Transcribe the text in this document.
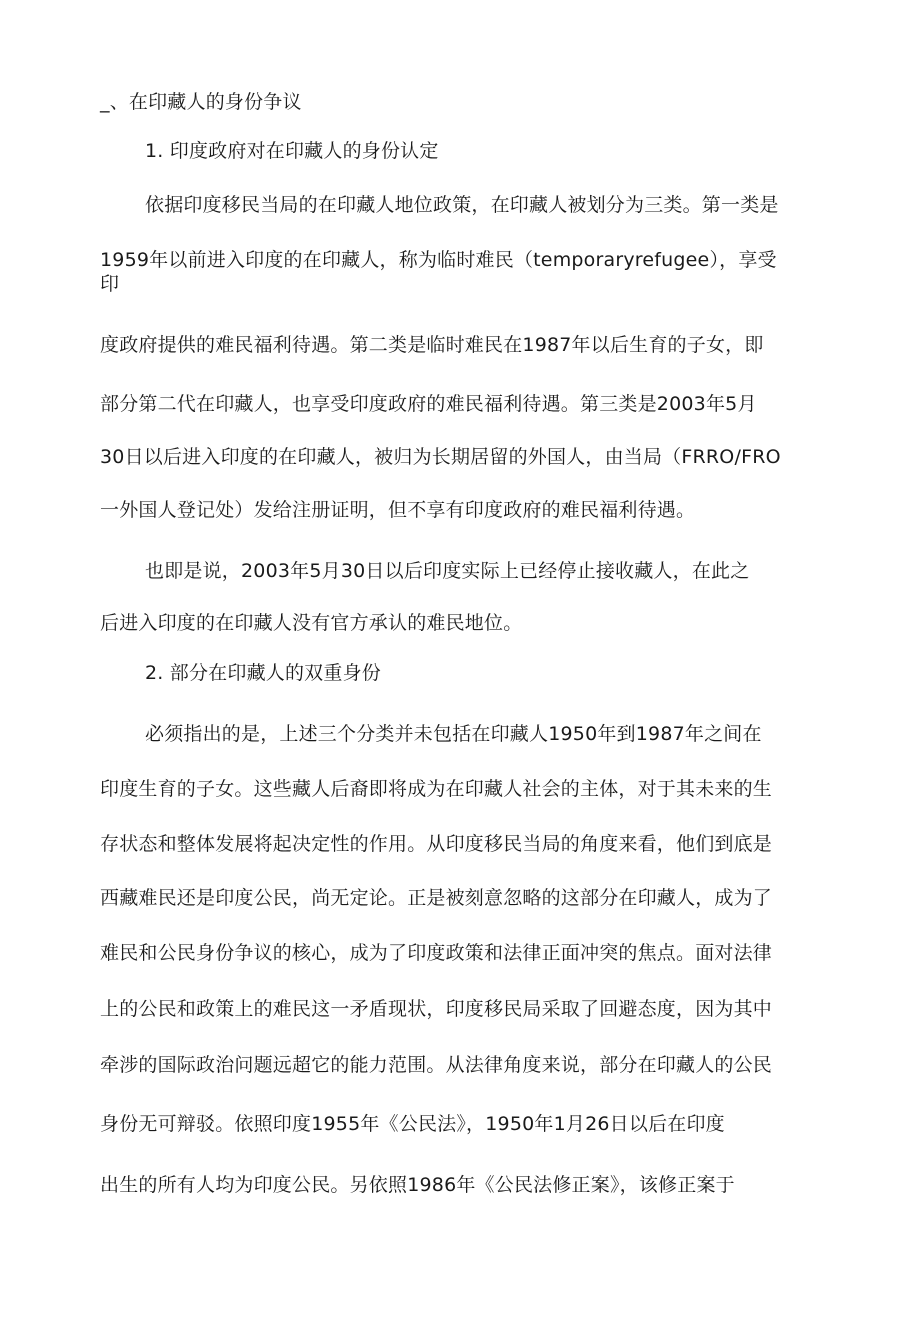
_、在印藏人的身份争议
1. 印度政府对在印藏人的身份认定
依据印度移民当局的在印藏人地位政策，在印藏人被划分为三类。第一类是
1959年以前进入印度的在印藏人，称为临时难民（temporaryrefugee），享受
印
度政府提供的难民福利待遇。第二类是临时难民在1987年以后生育的子女，即
部分第二代在印藏人，也享受印度政府的难民福利待遇。第三类是2003年5月
30日以后进入印度的在印藏人，被归为长期居留的外国人，由当局（FRRO/FRO
一外国人登记处）发给注册证明，但不享有印度政府的难民福利待遇。
也即是说，2003年5月30日以后印度实际上已经停止接收藏人，在此之
后进入印度的在印藏人没有官方承认的难民地位。
2. 部分在印藏人的双重身份
必须指出的是，上述三个分类并未包括在印藏人1950年到1987年之间在
印度生育的子女。这些藏人后裔即将成为在印藏人社会的主体，对于其未来的生
存状态和整体发展将起决定性的作用。从印度移民当局的角度来看，他们到底是
西藏难民还是印度公民，尚无定论。正是被刻意忽略的这部分在印藏人，成为了
难民和公民身份争议的核心，成为了印度政策和法律正面冲突的焦点。面对法律
上的公民和政策上的难民这一矛盾现状，印度移民局采取了回避态度，因为其中
牵涉的国际政治问题远超它的能力范围。从法律角度来说，部分在印藏人的公民
身份无可辩驳。依照印度1955年《公民法》，1950年1月26日以后在印度
出生的所有人均为印度公民。另依照1986年《公民法修正案》，该修正案于
